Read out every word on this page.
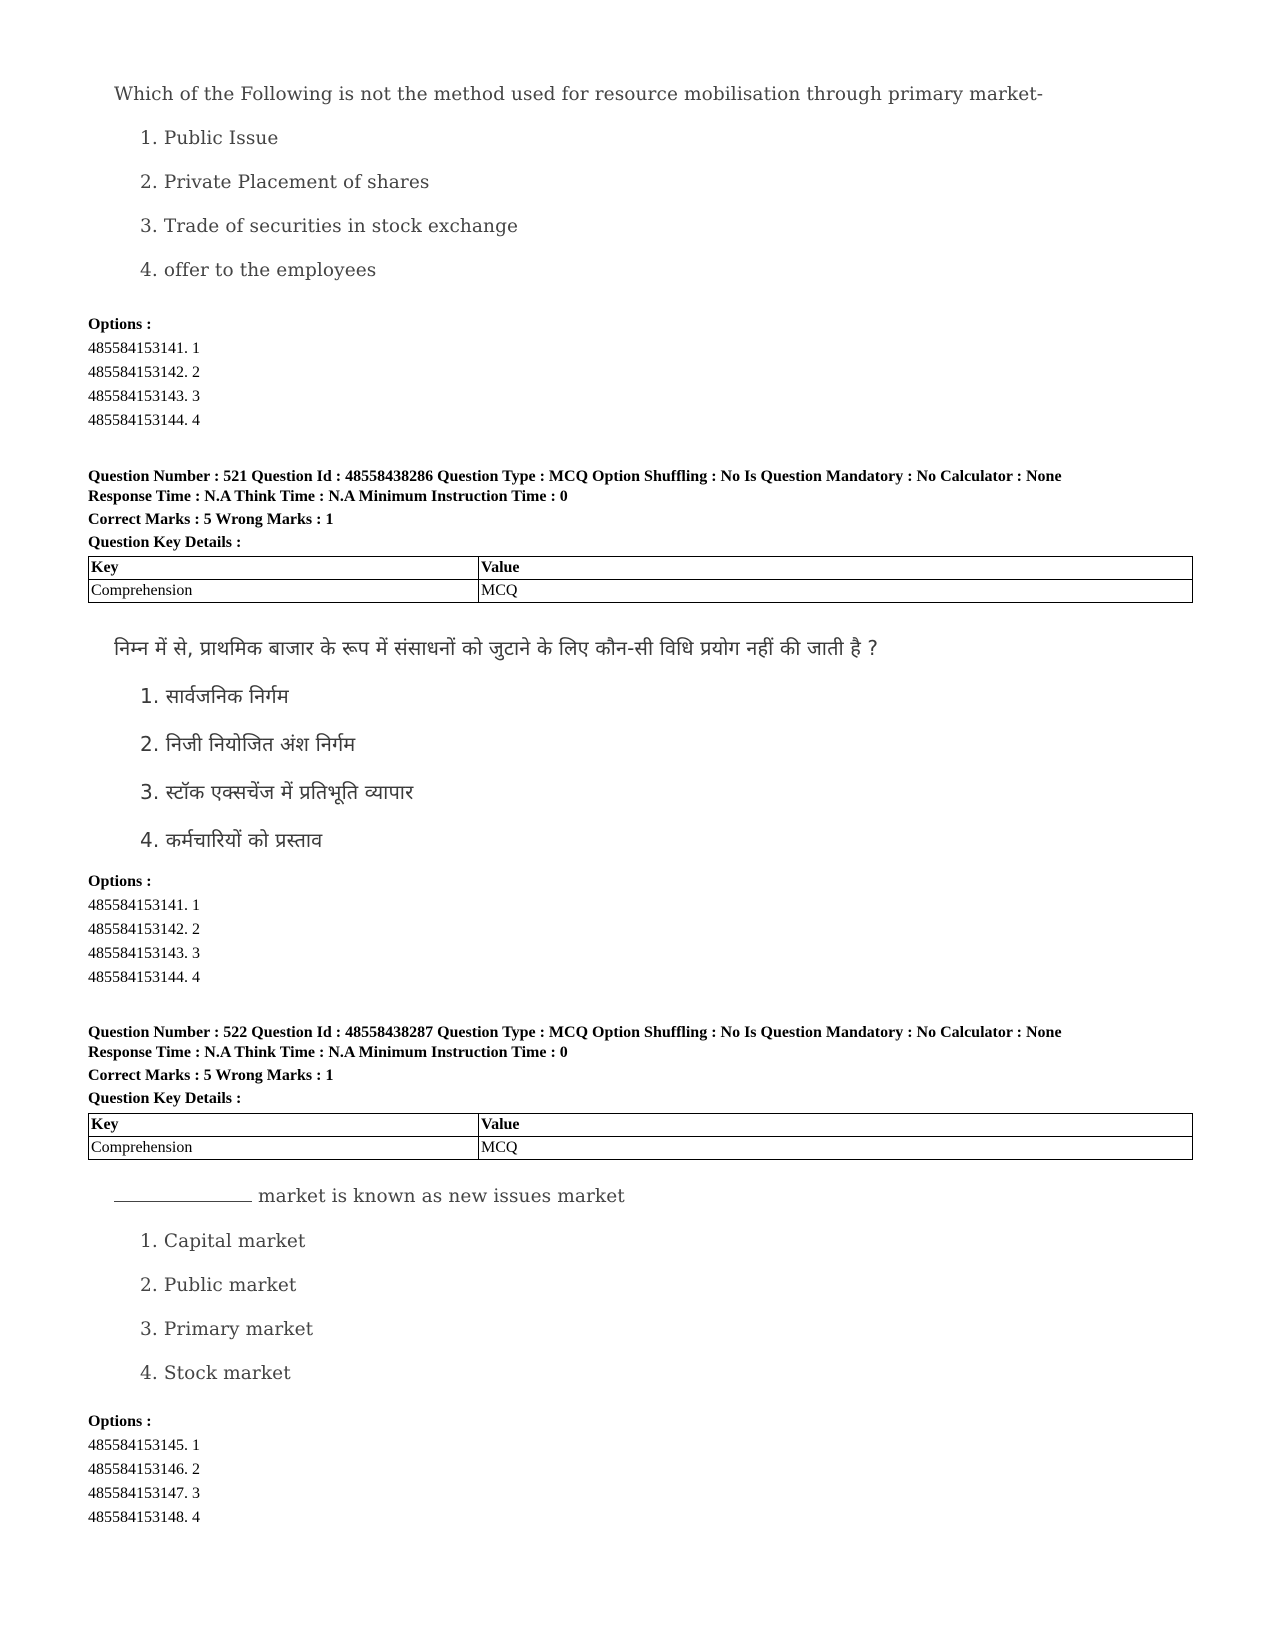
Which of the Following is not the method used for resource mobilisation through primary market-
1. Public Issue
2. Private Placement of shares
3. Trade of securities in stock exchange
4. offer to the employees
Options :
485584153141. 1
485584153142. 2
485584153143. 3
485584153144. 4
Question Number : 521 Question Id : 48558438286 Question Type : MCQ Option Shuffling : No Is Question Mandatory : No Calculator : None
Response Time : N.A Think Time : N.A Minimum Instruction Time : 0
Correct Marks : 5 Wrong Marks : 1
Question Key Details :
Key	Value
Comprehension	MCQ
निम्न में से, प्राथमिक बाजार के रूप में संसाधनों को जुटाने के लिए कौन-सी विधि प्रयोग नहीं की जाती है ?
1. सार्वजनिक निर्गम
2. निजी नियोजित अंश निर्गम
3. स्टॉक एक्सचेंज में प्रतिभूति व्यापार
4. कर्मचारियों को प्रस्ताव
Options :
485584153141. 1
485584153142. 2
485584153143. 3
485584153144. 4
Question Number : 522 Question Id : 48558438287 Question Type : MCQ Option Shuffling : No Is Question Mandatory : No Calculator : None
Response Time : N.A Think Time : N.A Minimum Instruction Time : 0
Correct Marks : 5 Wrong Marks : 1
Question Key Details :
Key	Value
Comprehension	MCQ
market is known as new issues market
1. Capital market
2. Public market
3. Primary market
4. Stock market
Options :
485584153145. 1
485584153146. 2
485584153147. 3
485584153148. 4
